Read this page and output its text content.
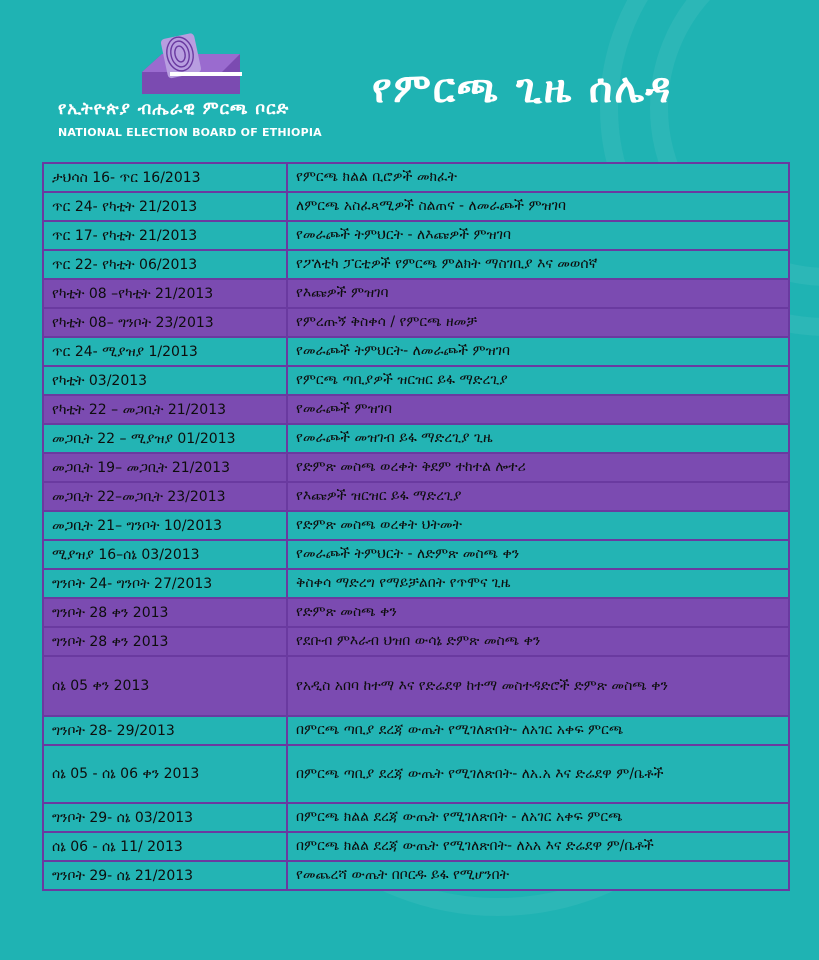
የኢትዮጵያ ብሔራዊ ምርጫ ቦርድ
NATIONAL ELECTION BOARD OF ETHIOPIA
የምርጫ ጊዜ ሰሌዳ
ታህሳስ 16- ጥር 16/2013	የምርጫ ክልል ቢሮዎች መክፈት
ጥር 24- የካቲት 21/2013	ለምርጫ አስፈጻሚዎች ስልጠና - ለመራጮች ምዝገባ
ጥር 17- የካቲት 21/2013	የመራጮች ትምህርት - ለእጩዎች ምዝገባ
ጥር 22- የካቲት 06/2013	የፖለቲካ ፓርቲዎች የምርጫ ምልክት ማስገቢያ እና መወሰኛ
የካቲት 08 –የካቲት 21/2013	የእጩዎች ምዝገባ
የካቲት 08– ግንቦት 23/2013	የምረጡኝ ቅስቀሳ / የምርጫ ዘመቻ
ጥር 24- ሚያዝያ 1/2013	የመራጮች ትምህርት- ለመራጮች ምዝገባ
የካቲት 03/2013	የምርጫ ጣቢያዎች ዝርዝር ይፋ ማድረጊያ
የካቲት 22 – መጋቢት 21/2013	የመራጮች ምዝገባ
መጋቢት 22 – ሚያዝያ 01/2013	የመራጮች መዝገብ ይፋ ማድረጊያ ጊዜ
መጋቢት 19– መጋቢት 21/2013	የድምጽ መስጫ ወረቀት ቅደም ተከተል ሎተሪ
መጋቢት 22–መጋቢት 23/2013	የእጩዎች ዝርዝር ይፋ ማድረጊያ
መጋቢት 21– ግንቦት 10/2013	የድምጽ መስጫ ወረቀት ህትመት
ሚያዝያ 16–ሰኔ 03/2013	የመራጮች ትምህርት - ለድምጽ መስጫ ቀን
ግንቦት 24- ግንቦት 27/2013	ቅስቀሳ ማድረግ የማይቻልበት የጥሞና ጊዜ
ግንቦት 28 ቀን 2013	የድምጽ መስጫ ቀን
ግንቦት 28 ቀን 2013	የደቡብ ምእራብ ህዝበ ውሳኔ ድምጽ መስጫ ቀን
ሰኔ 05 ቀን 2013	የአዲስ አበባ ከተማ እና የድሬደዋ ከተማ መስተዳድሮች ድምጽ መስጫ ቀን
ግንቦት 28- 29/2013	በምርጫ ጣቢያ ደረጃ ውጤት የሚገለጽበት- ለአገር አቀፍ ምርጫ
ሰኔ 05 - ሰኔ 06 ቀን 2013	በምርጫ ጣቢያ ደረጃ ውጤት የሚገለጽበት- ለአ.አ እና ድሬደዋ ም/ቤቶች
ግንቦት 29- ሰኔ 03/2013	በምርጫ ክልል ደረጃ ውጤት የሚገለጽበት - ለአገር አቀፍ ምርጫ
ሰኔ 06 - ሰኔ 11/ 2013	በምርጫ ክልል ደረጃ ውጤት የሚገለጽበት- ለአአ እና ድሬደዋ ም/ቤቶች
ግንቦት 29- ሰኔ 21/2013	የመጨረሻ ውጤት በቦርዱ ይፋ የሚሆንበት
